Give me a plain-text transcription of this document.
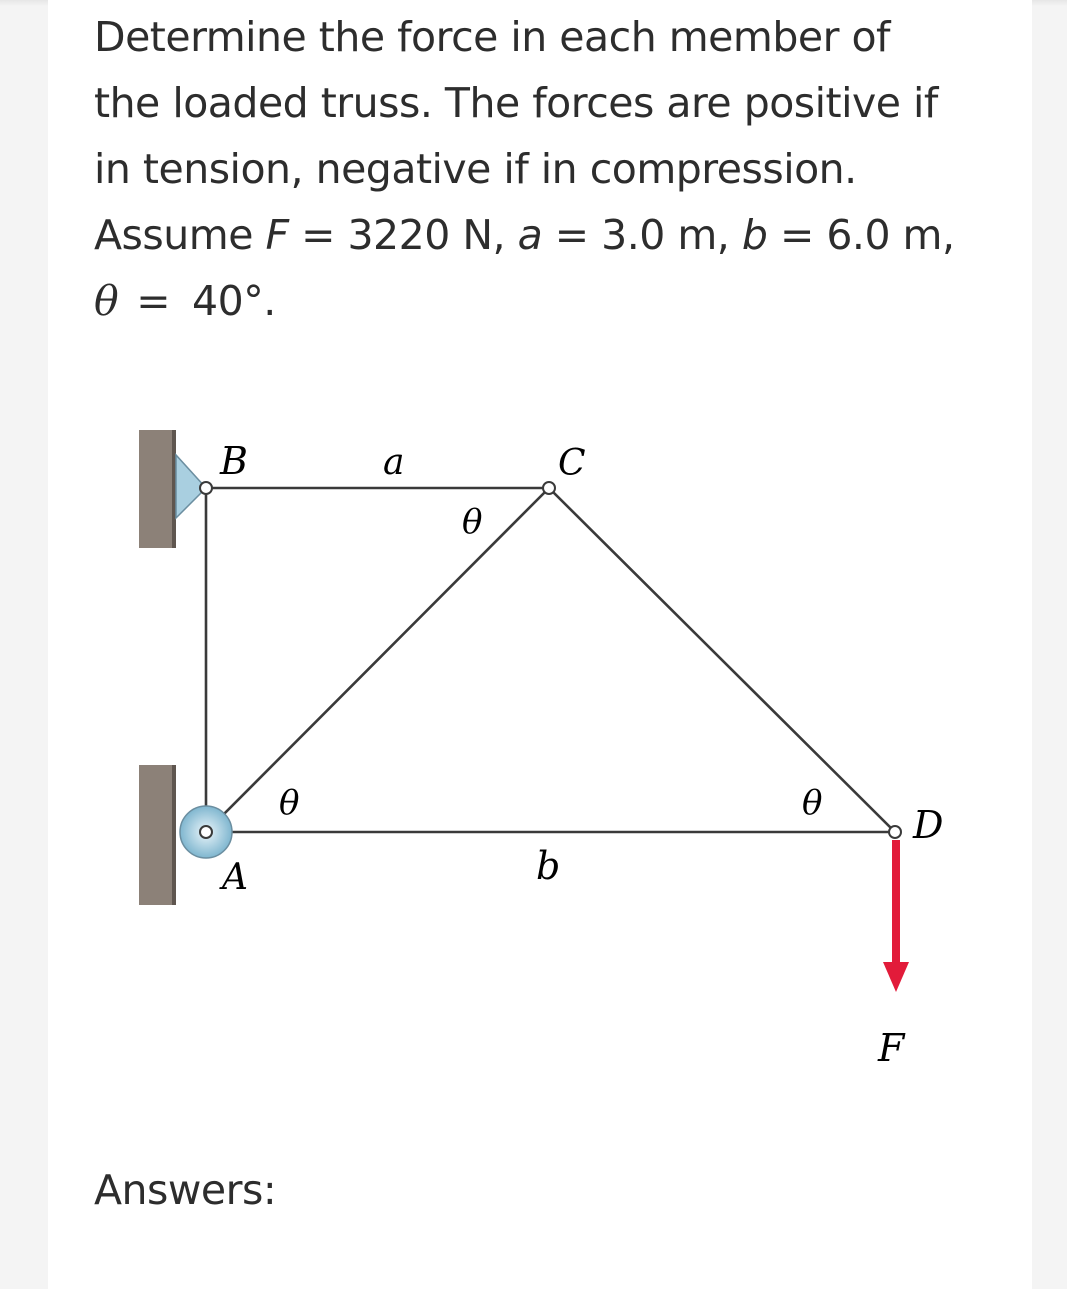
Determine the force in each member of

the loaded truss. The forces are positive if

in tension, negative if in compression.

Assume F = 3220 N, a = 3.0 m, b = 6.0 m,

θ = 40°.

B	a	C
θ
θ	θ D
A	b
F
Answers:
